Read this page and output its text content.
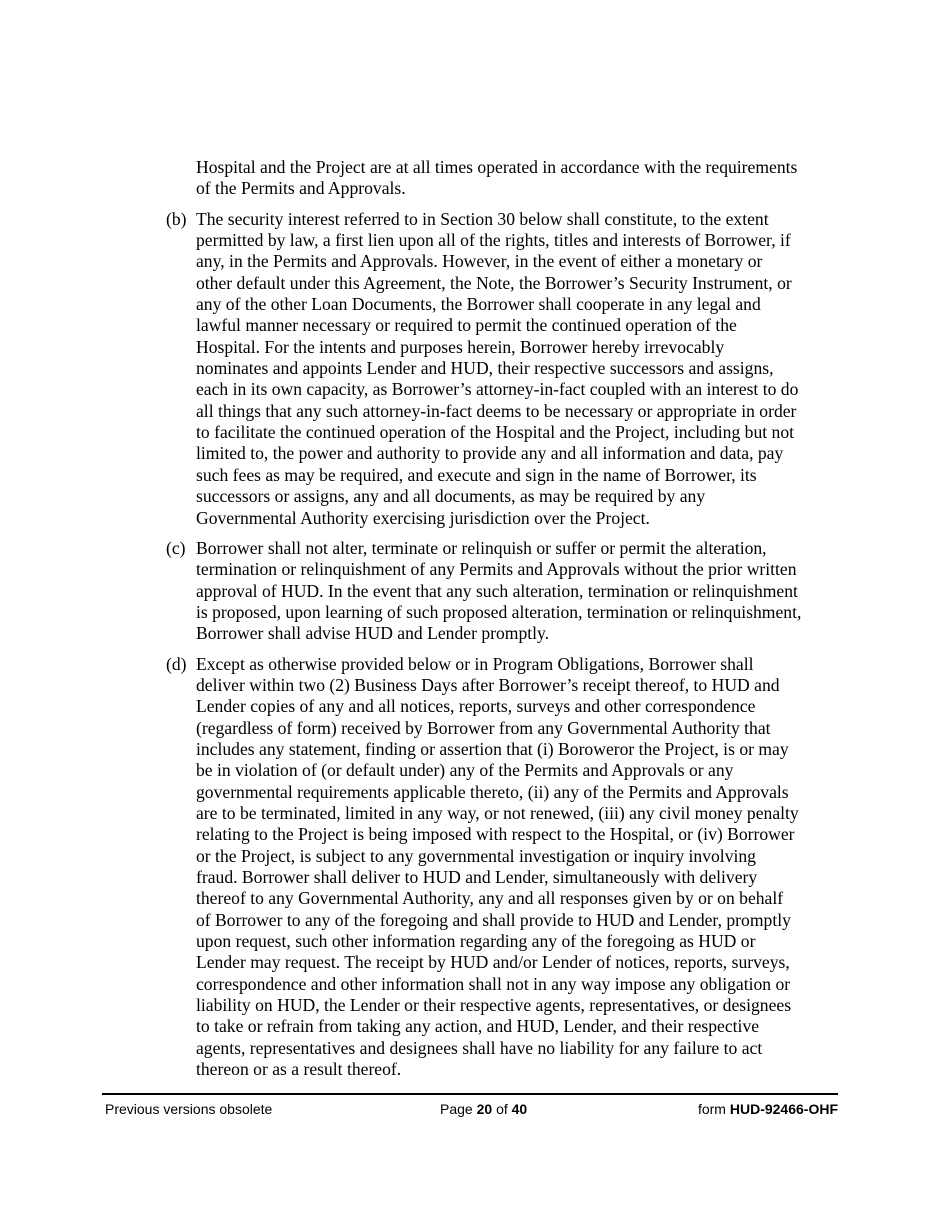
Hospital and the Project are at all times operated in accordance with the requirements
of the Permits and Approvals.
(b) The security interest referred to in Section 30 below shall constitute, to the extent
permitted by law, a first lien upon all of the rights, titles and interests of Borrower, if
any, in the Permits and Approvals. However, in the event of either a monetary or
other default under this Agreement, the Note, the Borrower’s Security Instrument, or
any of the other Loan Documents, the Borrower shall cooperate in any legal and
lawful manner necessary or required to permit the continued operation of the
Hospital. For the intents and purposes herein, Borrower hereby irrevocably
nominates and appoints Lender and HUD, their respective successors and assigns,
each in its own capacity, as Borrower’s attorney-in-fact coupled with an interest to do
all things that any such attorney-in-fact deems to be necessary or appropriate in order
to facilitate the continued operation of the Hospital and the Project, including but not
limited to, the power and authority to provide any and all information and data, pay
such fees as may be required, and execute and sign in the name of Borrower, its
successors or assigns, any and all documents, as may be required by any
Governmental Authority exercising jurisdiction over the Project.
(c) Borrower shall not alter, terminate or relinquish or suffer or permit the alteration,
termination or relinquishment of any Permits and Approvals without the prior written
approval of HUD. In the event that any such alteration, termination or relinquishment
is proposed, upon learning of such proposed alteration, termination or relinquishment,
Borrower shall advise HUD and Lender promptly.
(d) Except as otherwise provided below or in Program Obligations, Borrower shall
deliver within two (2) Business Days after Borrower’s receipt thereof, to HUD and
Lender copies of any and all notices, reports, surveys and other correspondence
(regardless of form) received by Borrower from any Governmental Authority that
includes any statement, finding or assertion that (i) Boroweror the Project, is or may
be in violation of (or default under) any of the Permits and Approvals or any
governmental requirements applicable thereto, (ii) any of the Permits and Approvals
are to be terminated, limited in any way, or not renewed, (iii) any civil money penalty
relating to the Project is being imposed with respect to the Hospital, or (iv) Borrower
or the Project, is subject to any governmental investigation or inquiry involving
fraud. Borrower shall deliver to HUD and Lender, simultaneously with delivery
thereof to any Governmental Authority, any and all responses given by or on behalf
of Borrower to any of the foregoing and shall provide to HUD and Lender, promptly
upon request, such other information regarding any of the foregoing as HUD or
Lender may request. The receipt by HUD and/or Lender of notices, reports, surveys,
correspondence and other information shall not in any way impose any obligation or
liability on HUD, the Lender or their respective agents, representatives, or designees
to take or refrain from taking any action, and HUD, Lender, and their respective
agents, representatives and designees shall have no liability for any failure to act
thereon or as a result thereof.
Previous versions obsolete	Page 20 of 40	form HUD-92466-OHF
